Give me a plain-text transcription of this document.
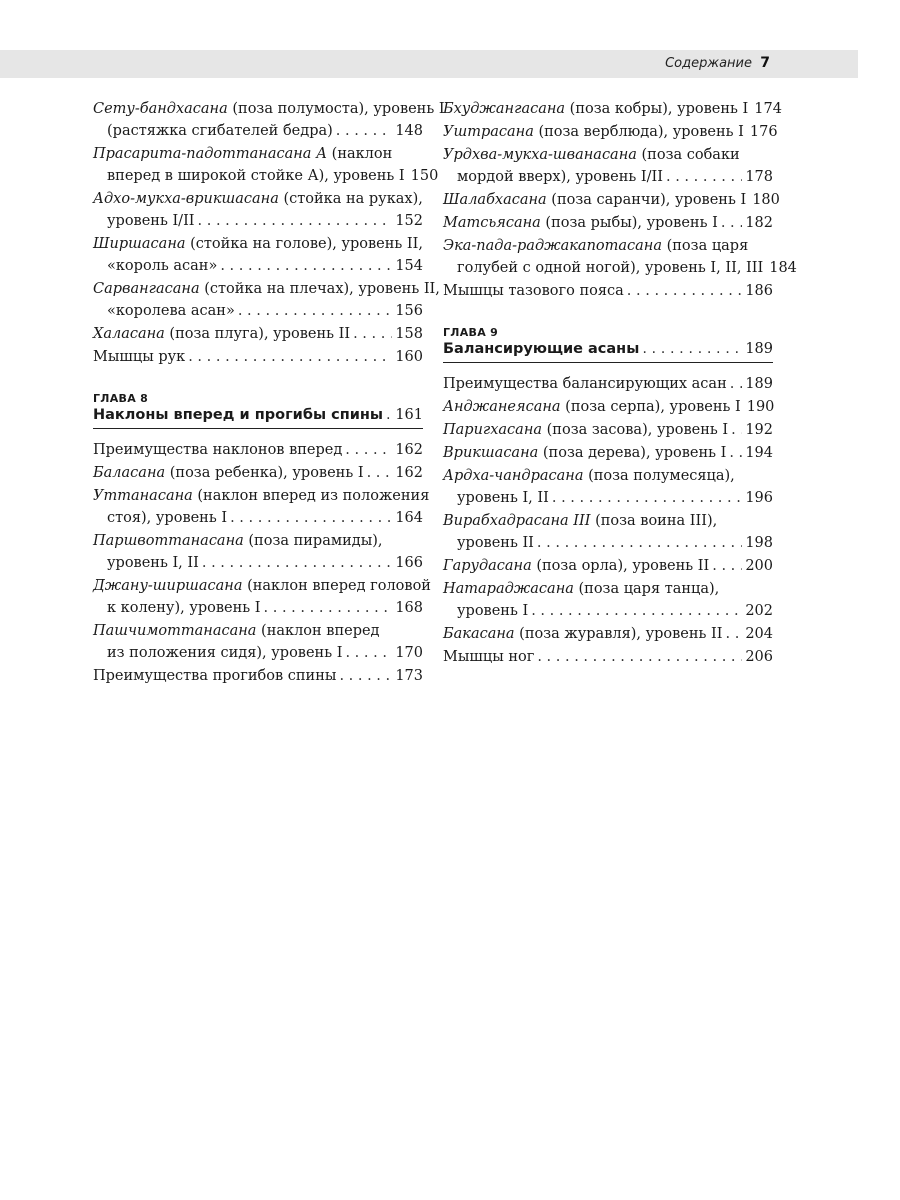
Содержание 7
Сету-бандхасана (поза полумоста), уровень I
(растяжка сгибателей бедра) . . .	148
Прасарита-падоттанасана А (наклон
вперед в широкой стойке А), уровень I 150
Адхо-мукха-врикшасана (стойка на руках),
уровень I/II . . .	152
Ширшасана (стойка на голове), уровень II,
«король асан» . . .	154
Сарвангасана (стойка на плечах), уровень II,
«королева асан» . . .	156
Халасана (поза плуга), уровень II . . .	158
Мышцы рук . . .	160
ГЛАВА 8
Наклоны вперед и прогибы спины . . . 161
Преимущества наклонов вперед . . .	162
Баласана (поза ребенка), уровень I . . . 162
Уттанасана (наклон вперед из положения
стоя), уровень I . . .	164
Паршвоттанасана (поза пирамиды),
уровень I, II . . .	166
Джану-ширшасана (наклон вперед головой
к колену), уровень I . . .	168
Пашчимоттанасана (наклон вперед
из положения сидя), уровень I . . .	170
Преимущества прогибов спины . . .	173
Бхуджангасана (поза кобры), уровень I 174
Уштрасана (поза верблюда), уровень I 176
Урдхва-мукха-шванасана (поза собаки
мордой вверх), уровень I/II . . .	178
Шалабхасана (поза саранчи), уровень I 180
Матсьясана (поза рыбы), уровень I . . . 182
Эка-пада-раджакапотасана (поза царя
голубей с одной ногой), уровень I, II, III 184
Мышцы тазового пояса . . .	186
ГЛАВА 9
Балансирующие асаны . . .	189
Преимущества балансирующих асан . . . 189
Анджанеясана (поза серпа), уровень I 190
Паригхасана (поза засова), уровень I . . . 192
Врикшасана (поза дерева), уровень I . . . 194
Ардха-чандрасана (поза полумесяца),
уровень I, II . . .	196
Вирабхадрасана III (поза воина III),
уровень II . . .	198
Гарудасана (поза орла), уровень II . . . 200
Натараджасана (поза царя танца),
уровень I . . .	202
Бакасана (поза журавля), уровень II . . . 204
Мышцы ног . . .	206
